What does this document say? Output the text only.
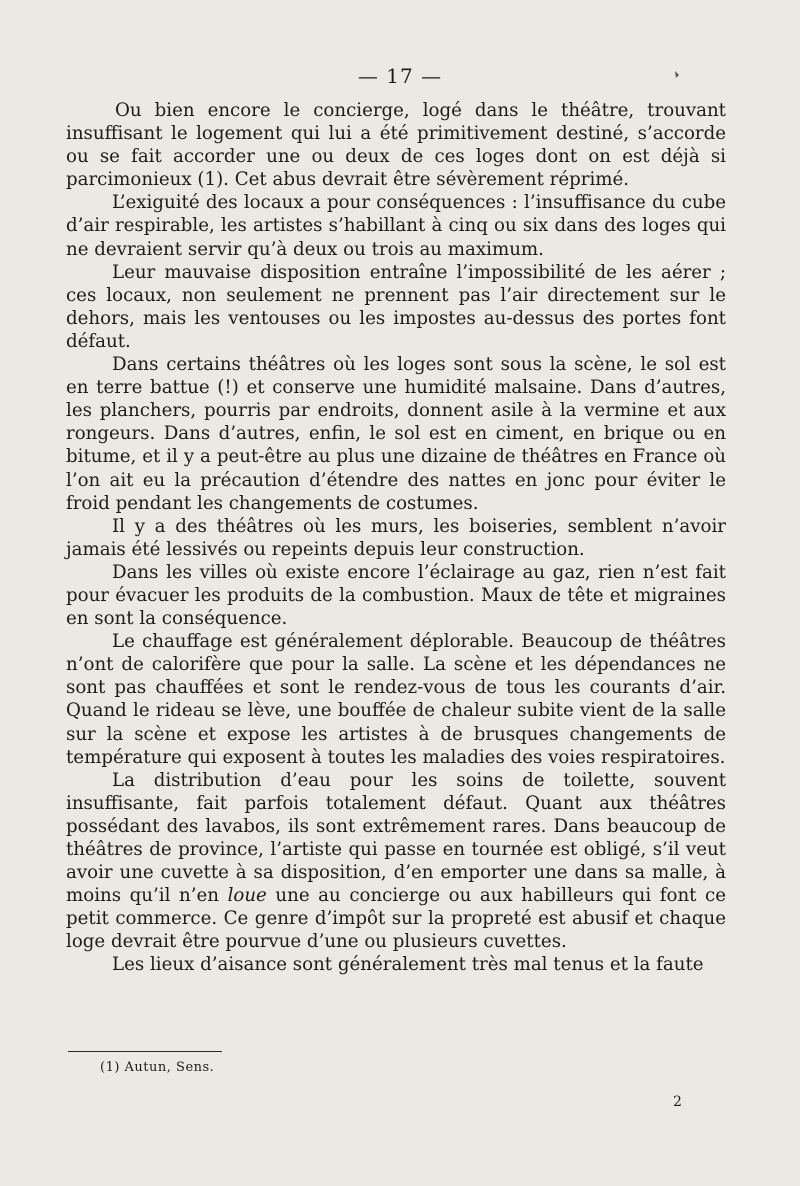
— 17 —

Ou bien encore le concierge, logé dans le théâtre, trouvant insuffisant le logement qui lui a été primitivement destiné, s’accorde ou se fait accorder une ou deux de ces loges dont on est déjà si parcimonieux (1). Cet abus devrait être sévèrement réprimé.

L’exiguité des locaux a pour conséquences : l’insuffisance du cube d’air respirable, les artistes s’habillant à cinq ou six dans des loges qui ne devraient servir qu’à deux ou trois au maximum.

Leur mauvaise disposition entraîne l’impossibilité de les aérer ; ces locaux, non seulement ne prennent pas l’air directement sur le dehors, mais les ventouses ou les impostes au-dessus des portes font défaut.

Dans certains théâtres où les loges sont sous la scène, le sol est en terre battue (!) et conserve une humidité malsaine. Dans d’autres, les planchers, pourris par endroits, donnent asile à la vermine et aux rongeurs. Dans d’autres, enfin, le sol est en ciment, en brique ou en bitume, et il y a peut-être au plus une dizaine de théâtres en France où l’on ait eu la précaution d’étendre des nattes en jonc pour éviter le froid pendant les changements de costumes.

Il y a des théâtres où les murs, les boiseries, semblent n’avoir jamais été lessivés ou repeints depuis leur construction.

Dans les villes où existe encore l’éclairage au gaz, rien n’est fait pour évacuer les produits de la combustion. Maux de tête et migraines en sont la conséquence.

Le chauffage est généralement déplorable. Beaucoup de théâtres n’ont de calorifère que pour la salle. La scène et les dépendances ne sont pas chauffées et sont le rendez-vous de tous les courants d’air. Quand le rideau se lève, une bouffée de chaleur subite vient de la salle sur la scène et expose les artistes à de brusques changements de température qui exposent à toutes les maladies des voies respiratoires.

La distribution d’eau pour les soins de toilette, souvent insuffisante, fait parfois totalement défaut. Quant aux théâtres possédant des lavabos, ils sont extrêmement rares. Dans beaucoup de théâtres de province, l’artiste qui passe en tournée est obligé, s’il veut avoir une cuvette à sa disposition, d’en emporter une dans sa malle, à moins qu’il n’en loue une au concierge ou aux habilleurs qui font ce petit commerce. Ce genre d’impôt sur la propreté est abusif et chaque loge devrait être pourvue d’une ou plusieurs cuvettes.

Les lieux d’aisance sont généralement très mal tenus et la faute

(1) Autun, Sens.
2
